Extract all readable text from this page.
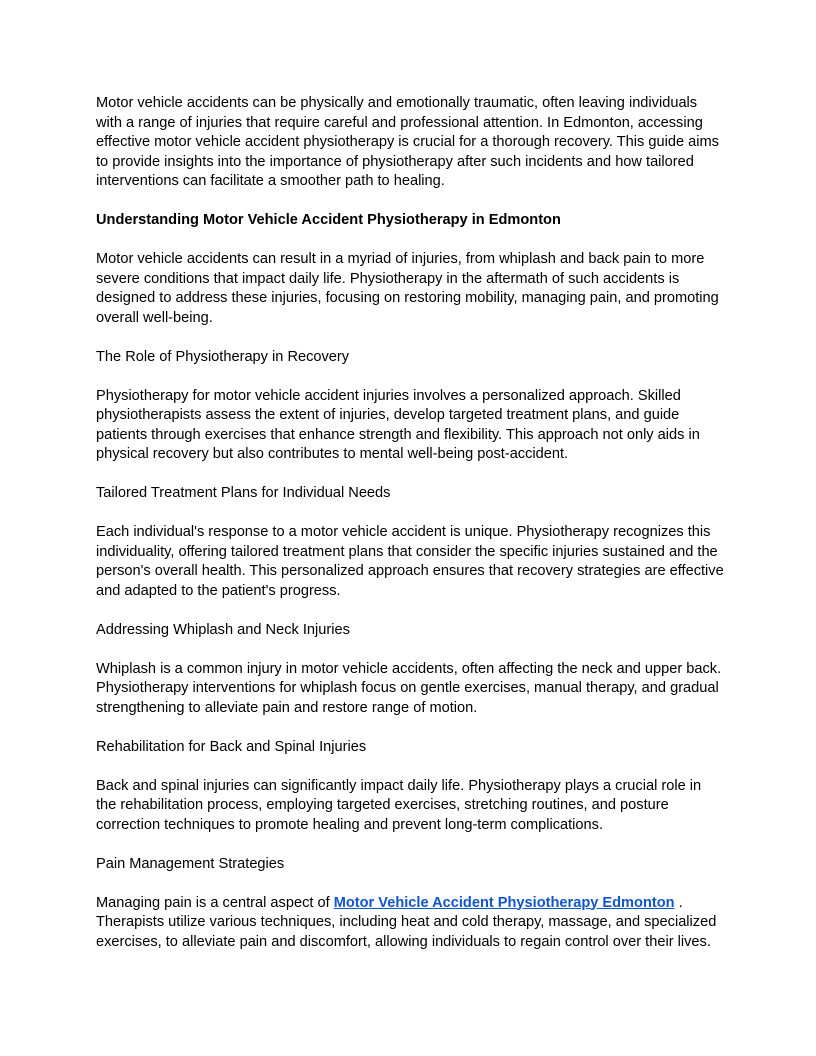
Motor vehicle accidents can be physically and emotionally traumatic, often leaving individuals with a range of injuries that require careful and professional attention. In Edmonton, accessing effective motor vehicle accident physiotherapy is crucial for a thorough recovery. This guide aims to provide insights into the importance of physiotherapy after such incidents and how tailored interventions can facilitate a smoother path to healing.

Understanding Motor Vehicle Accident Physiotherapy in Edmonton

Motor vehicle accidents can result in a myriad of injuries, from whiplash and back pain to more severe conditions that impact daily life. Physiotherapy in the aftermath of such accidents is designed to address these injuries, focusing on restoring mobility, managing pain, and promoting overall well-being.

The Role of Physiotherapy in Recovery

Physiotherapy for motor vehicle accident injuries involves a personalized approach. Skilled physiotherapists assess the extent of injuries, develop targeted treatment plans, and guide patients through exercises that enhance strength and flexibility. This approach not only aids in physical recovery but also contributes to mental well-being post-accident.

Tailored Treatment Plans for Individual Needs

Each individual's response to a motor vehicle accident is unique. Physiotherapy recognizes this individuality, offering tailored treatment plans that consider the specific injuries sustained and the person's overall health. This personalized approach ensures that recovery strategies are effective and adapted to the patient's progress.

Addressing Whiplash and Neck Injuries

Whiplash is a common injury in motor vehicle accidents, often affecting the neck and upper back. Physiotherapy interventions for whiplash focus on gentle exercises, manual therapy, and gradual strengthening to alleviate pain and restore range of motion.

Rehabilitation for Back and Spinal Injuries

Back and spinal injuries can significantly impact daily life. Physiotherapy plays a crucial role in the rehabilitation process, employing targeted exercises, stretching routines, and posture correction techniques to promote healing and prevent long-term complications.

Pain Management Strategies

Managing pain is a central aspect of Motor Vehicle Accident Physiotherapy Edmonton . Therapists utilize various techniques, including heat and cold therapy, massage, and specialized exercises, to alleviate pain and discomfort, allowing individuals to regain control over their lives.
